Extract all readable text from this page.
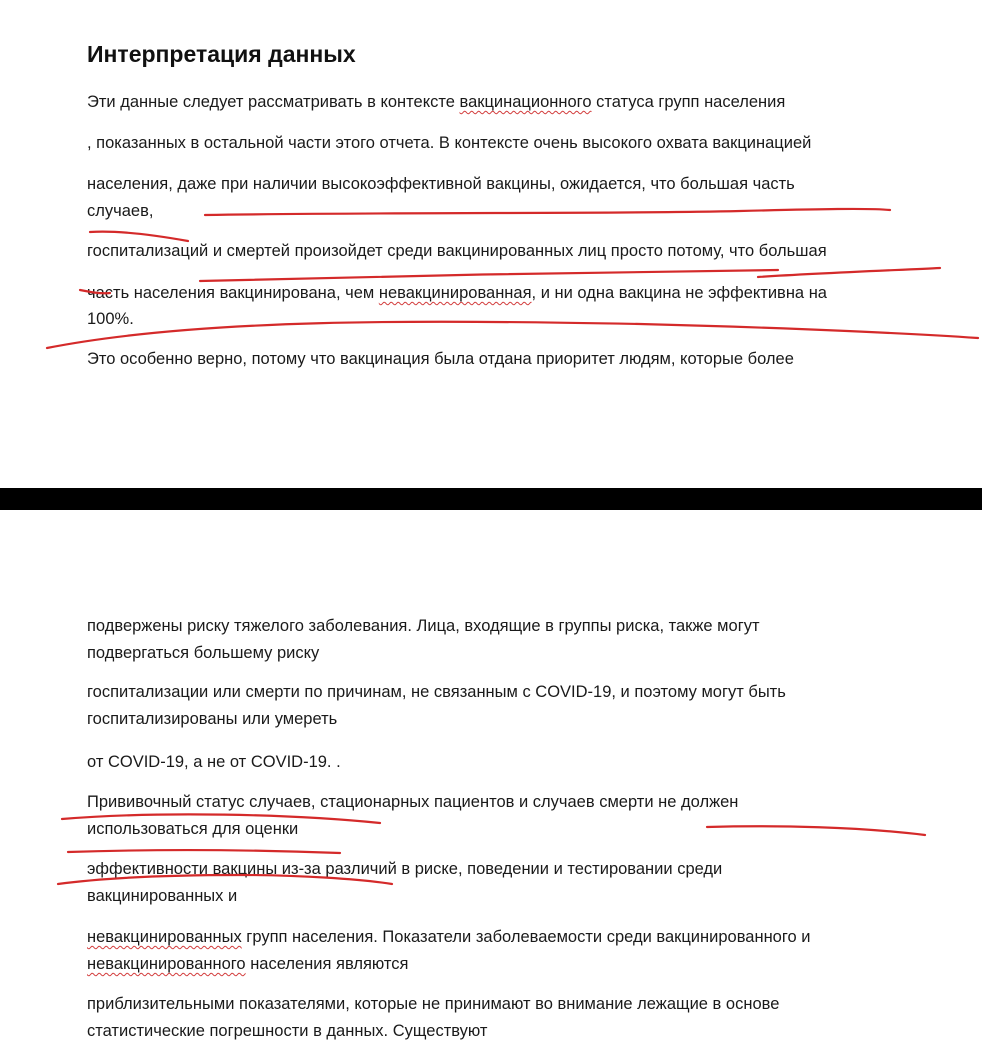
Интерпретация данных

Эти данные следует рассматривать в контексте вакцинационного статуса групп населения

, показанных в остальной части этого отчета. В контексте очень высокого охвата вакцинацией

населения, даже при наличии высокоэффективной вакцины, ожидается, что большая часть

случаев,

госпитализаций и смертей произойдет среди вакцинированных лиц просто потому, что большая

часть населения вакцинирована, чем невакцинированная, и ни одна вакцина не эффективна на

100%.

Это особенно верно, потому что вакцинация была отдана приоритет людям, которые более

подвержены риску тяжелого заболевания. Лица, входящие в группы риска, также могут

подвергаться большему риску

госпитализации или смерти по причинам, не связанным с COVID-19, и поэтому могут быть

госпитализированы или умереть

от COVID-19, а не от COVID-19. .

Прививочный статус случаев, стационарных пациентов и случаев смерти не должен

использоваться для оценки

эффективности вакцины из-за различий в риске, поведении и тестировании среди

вакцинированных и

невакцинированных групп населения. Показатели заболеваемости среди вакцинированного и

невакцинированного населения являются

приблизительными показателями, которые не принимают во внимание лежащие в основе

статистические погрешности в данных. Существуют
